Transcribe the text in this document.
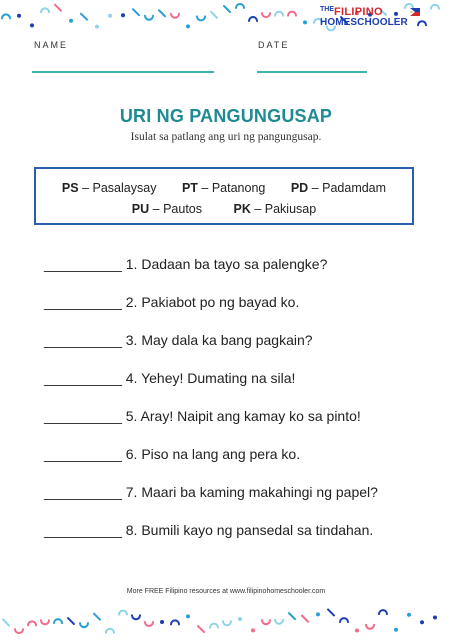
THE FILIPINO
HOMESCHOOLER
NAME	DATE
URI NG PANGUNGUSAP
Isulat sa patlang ang uri ng pangungusap.
PS – Pasalaysay PT – Patanong PD – Padamdam
PU – Pautos	PK – Pakiusap
__________ 1. Dadaan ba tayo sa palengke?
__________ 2. Pakiabot po ng bayad ko.
__________ 3. May dala ka bang pagkain?
__________ 4. Yehey! Dumating na sila!
__________ 5. Aray! Naipit ang kamay ko sa pinto!
__________ 6. Piso na lang ang pera ko.
__________ 7. Maari ba kaming makahingi ng papel?
__________ 8. Bumili kayo ng pansedal sa tindahan.
More FREE Filipino resources at www.filipinohomeschooler.com
